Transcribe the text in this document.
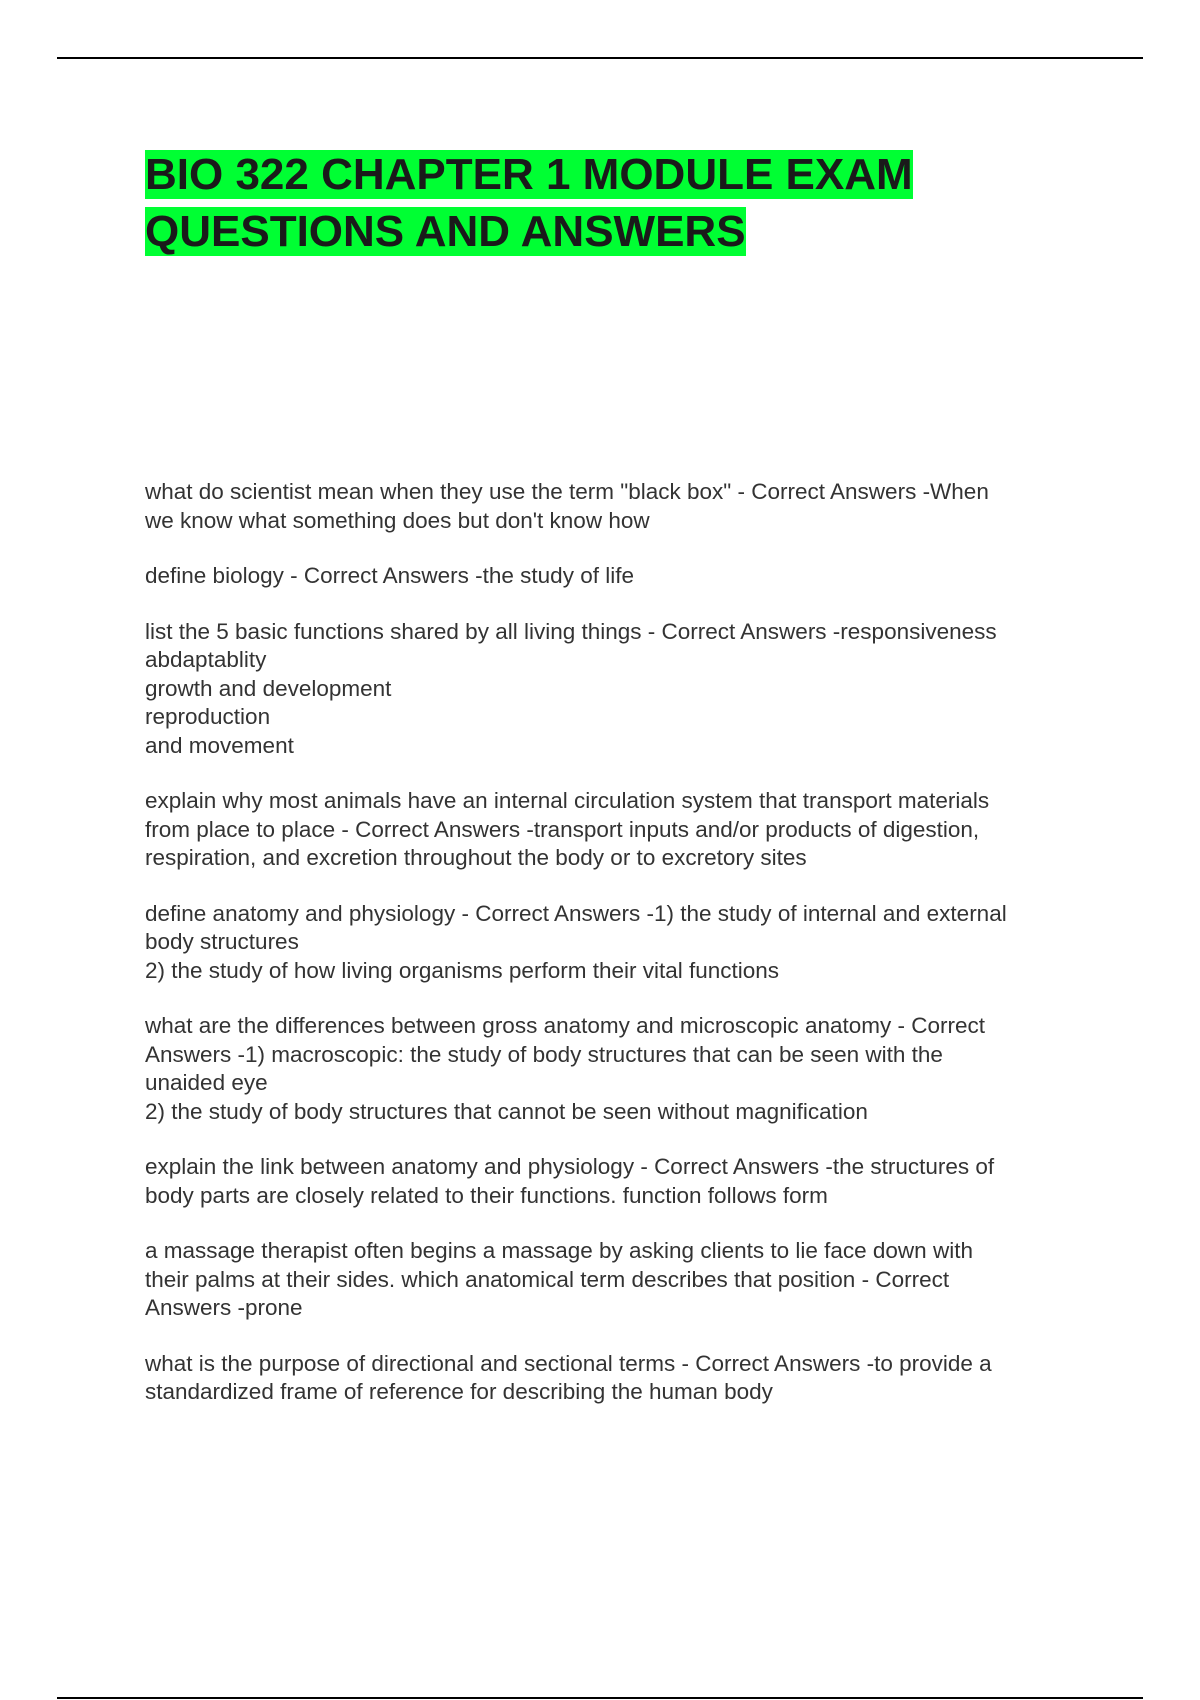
BIO 322 CHAPTER 1 MODULE EXAM
QUESTIONS AND ANSWERS
what do scientist mean when they use the term "black box" - Correct Answers -When
we know what something does but don't know how
define biology - Correct Answers -the study of life
list the 5 basic functions shared by all living things - Correct Answers -responsiveness
abdaptablity
growth and development
reproduction
and movement
explain why most animals have an internal circulation system that transport materials
from place to place - Correct Answers -transport inputs and/or products of digestion,
respiration, and excretion throughout the body or to excretory sites
define anatomy and physiology - Correct Answers -1) the study of internal and external
body structures
2) the study of how living organisms perform their vital functions
what are the differences between gross anatomy and microscopic anatomy - Correct
Answers -1) macroscopic: the study of body structures that can be seen with the
unaided eye
2) the study of body structures that cannot be seen without magnification
explain the link between anatomy and physiology - Correct Answers -the structures of
body parts are closely related to their functions. function follows form
a massage therapist often begins a massage by asking clients to lie face down with
their palms at their sides. which anatomical term describes that position - Correct
Answers -prone
what is the purpose of directional and sectional terms - Correct Answers -to provide a
standardized frame of reference for describing the human body
